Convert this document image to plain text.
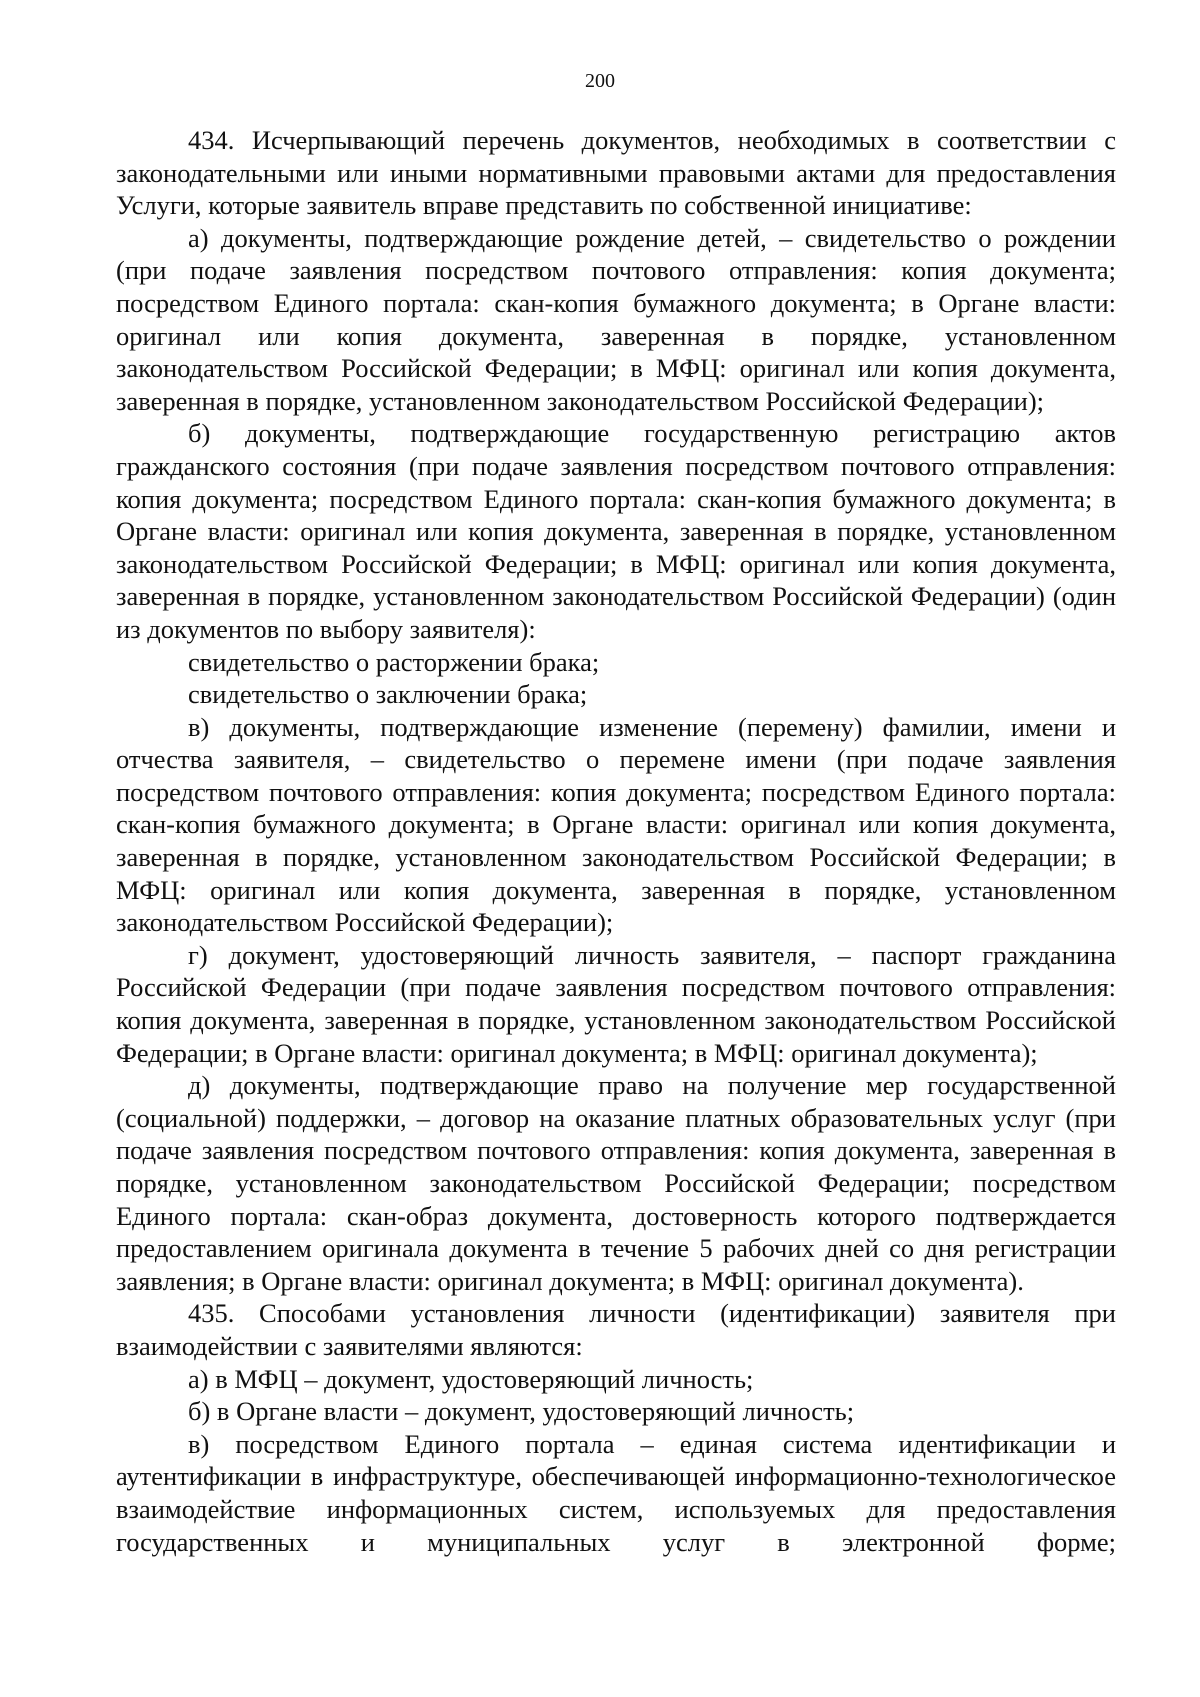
200

434. Исчерпывающий перечень документов, необходимых в соответствии с законодательными или иными нормативными правовыми актами для предоставления Услуги, которые заявитель вправе представить по собственной инициативе:

а) документы, подтверждающие рождение детей, – свидетельство о рождении (при подаче заявления посредством почтового отправления: копия документа; посредством Единого портала: скан-копия бумажного документа; в Органе власти: оригинал или копия документа, заверенная в порядке, установленном законодательством Российской Федерации; в МФЦ: оригинал или копия документа, заверенная в порядке, установленном законодательством Российской Федерации);

б) документы, подтверждающие государственную регистрацию актов гражданского состояния (при подаче заявления посредством почтового отправления: копия документа; посредством Единого портала: скан-копия бумажного документа; в Органе власти: оригинал или копия документа, заверенная в порядке, установленном законодательством Российской Федерации; в МФЦ: оригинал или копия документа, заверенная в порядке, установленном законодательством Российской Федерации) (один из документов по выбору заявителя):

свидетельство о расторжении брака;

свидетельство о заключении брака;

в) документы, подтверждающие изменение (перемену) фамилии, имени и отчества заявителя, – свидетельство о перемене имени (при подаче заявления посредством почтового отправления: копия документа; посредством Единого портала: скан-копия бумажного документа; в Органе власти: оригинал или копия документа, заверенная в порядке, установленном законодательством Российской Федерации; в МФЦ: оригинал или копия документа, заверенная в порядке, установленном законодательством Российской Федерации);

г) документ, удостоверяющий личность заявителя, – паспорт гражданина Российской Федерации (при подаче заявления посредством почтового отправления: копия документа, заверенная в порядке, установленном законодательством Российской Федерации; в Органе власти: оригинал документа; в МФЦ: оригинал документа);

д) документы, подтверждающие право на получение мер государственной (социальной) поддержки, – договор на оказание платных образовательных услуг (при подаче заявления посредством почтового отправления: копия документа, заверенная в порядке, установленном законодательством Российской Федерации; посредством Единого портала: скан-образ документа, достоверность которого подтверждается предоставлением оригинала документа в течение 5 рабочих дней со дня регистрации заявления; в Органе власти: оригинал документа; в МФЦ: оригинал документа).

435. Способами установления личности (идентификации) заявителя при взаимодействии с заявителями являются:

а) в МФЦ – документ, удостоверяющий личность;

б) в Органе власти – документ, удостоверяющий личность;

в) посредством Единого портала – единая система идентификации и аутентификации в инфраструктуре, обеспечивающей информационно-технологическое взаимодействие информационных систем, используемых для предоставления государственных и муниципальных услуг в электронной форме;
